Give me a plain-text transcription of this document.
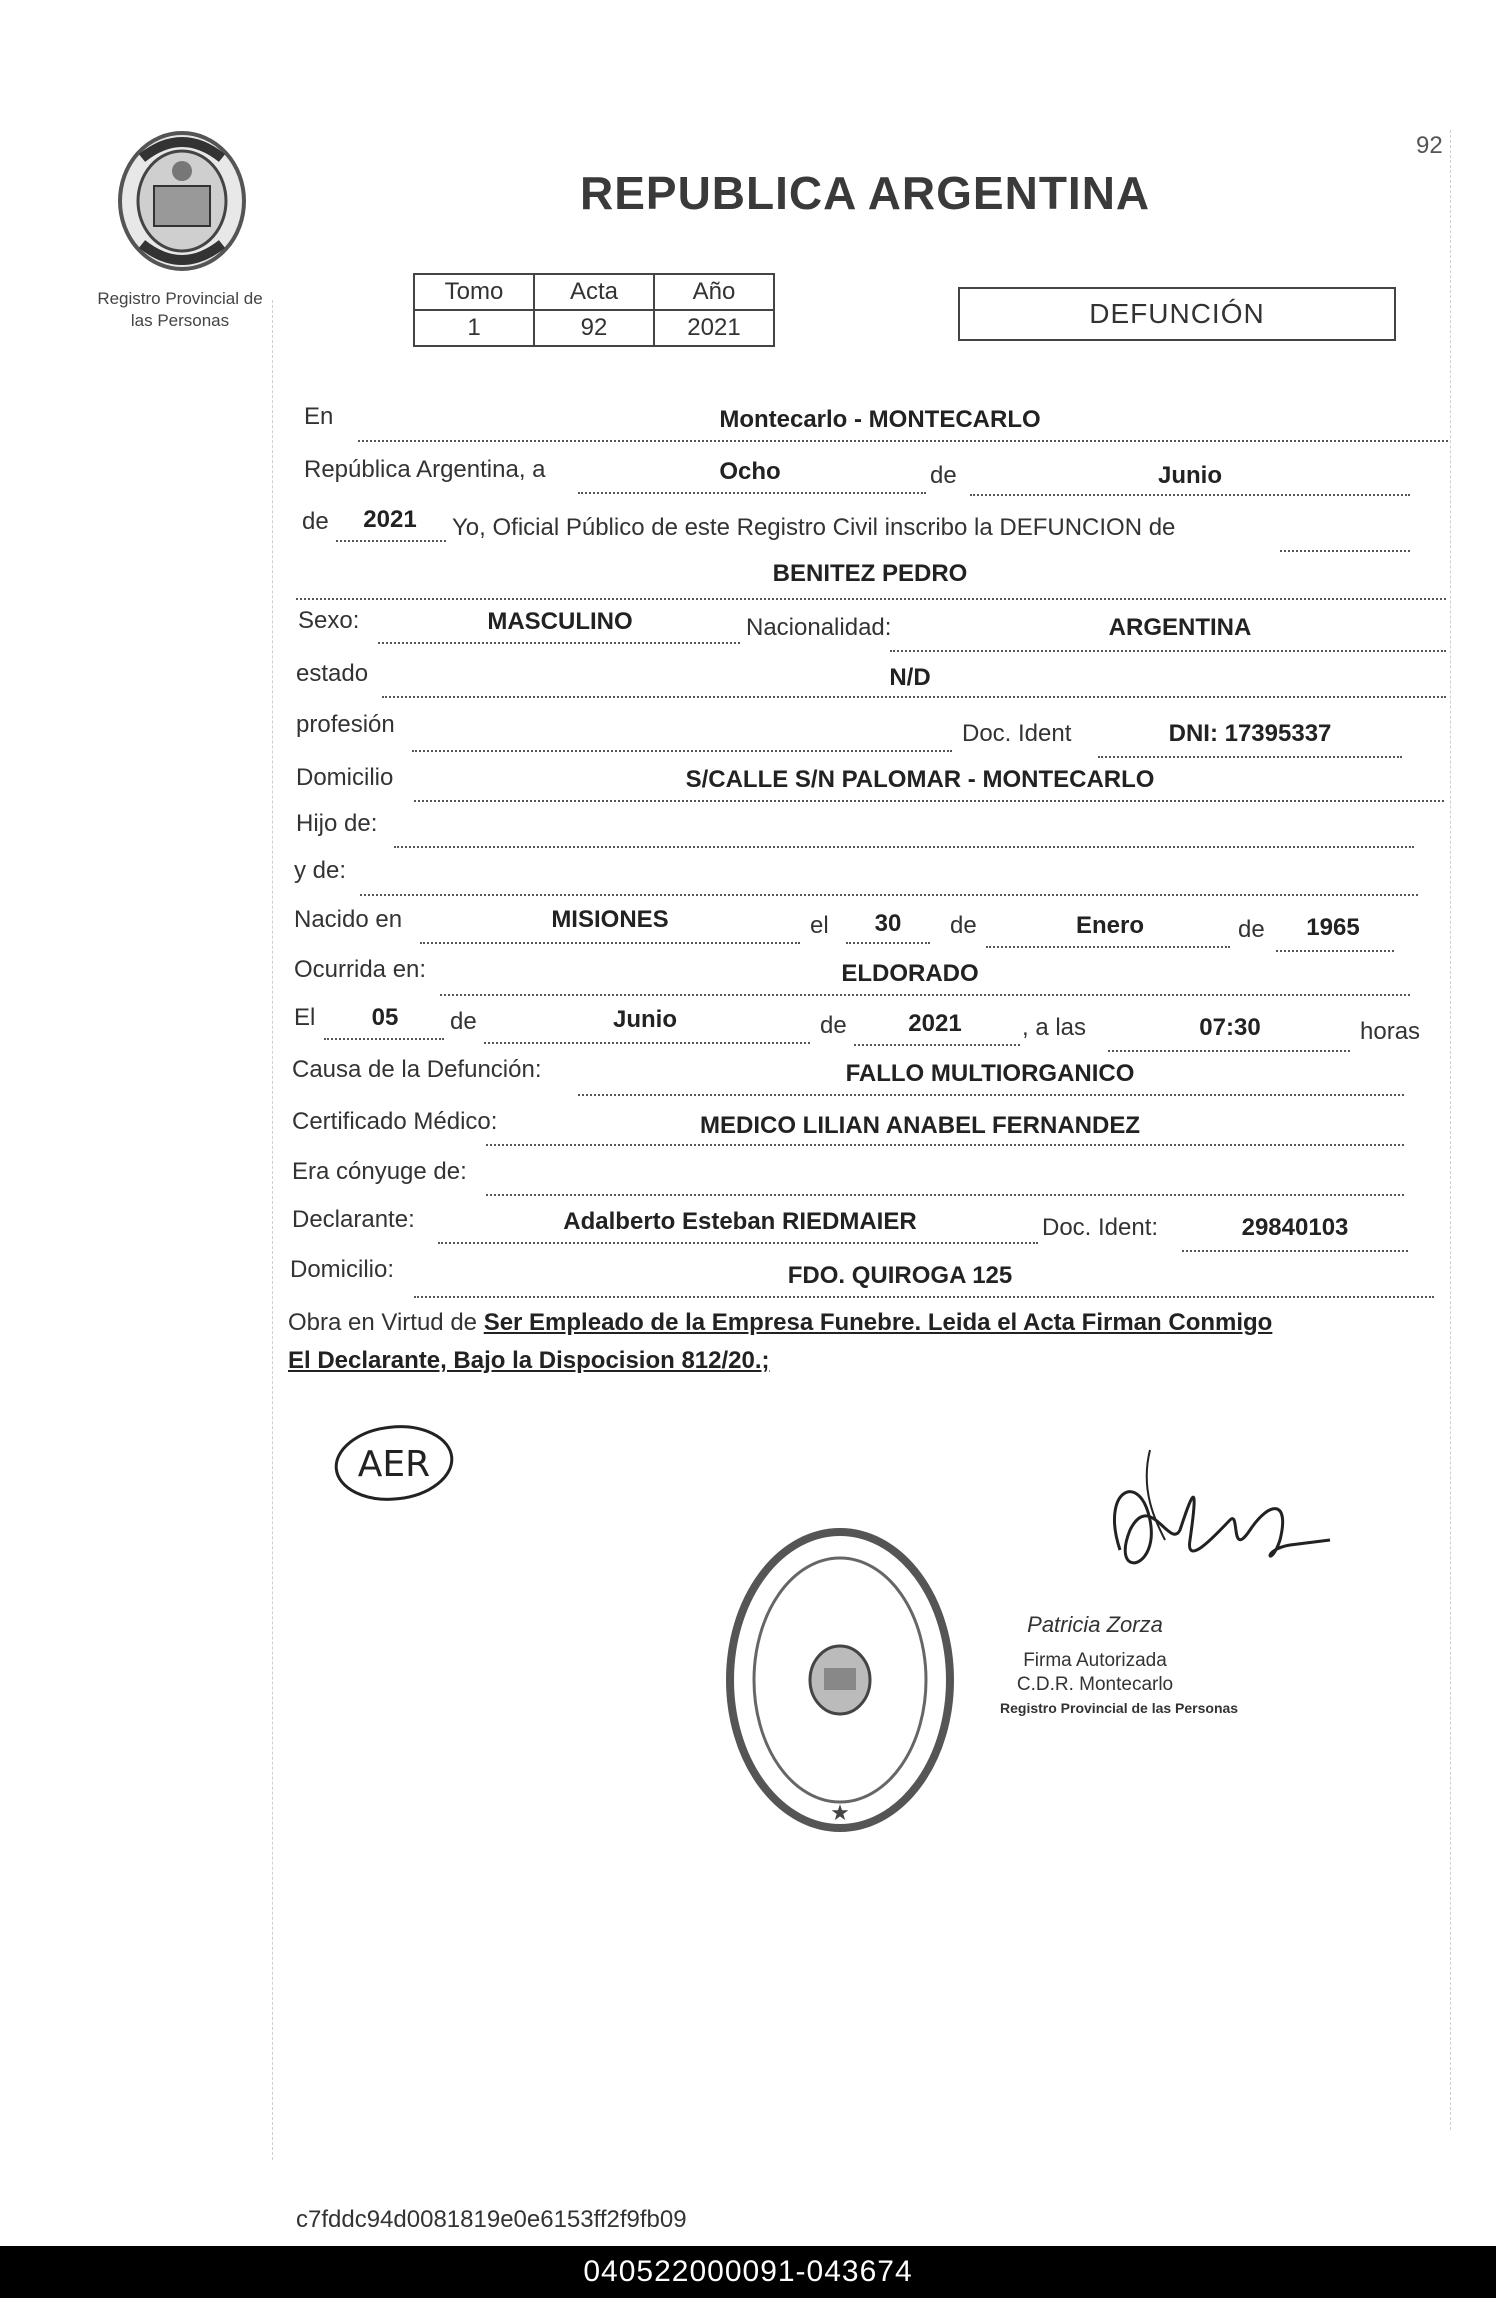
92
Registro Provincial de
las Personas
REPUBLICA ARGENTINA
Tomo	Acta	Año
1	92	2021	DEFUNCIÓN
En	Montecarlo - MONTECARLO
República Argentina, a	Ocho	de	Junio
de	2021	Yo, Oficial Público de este Registro Civil inscribo la DEFUNCION de
BENITEZ PEDRO
Sexo:	MASCULINO	Nacionalidad:	ARGENTINA
estado	N/D
profesión	Doc. Ident	DNI: 17395337
Domicilio	S/CALLE S/N PALOMAR - MONTECARLO
Hijo de:
y de:
Nacido en	MISIONES	el	30	de	Enero	de	1965
Ocurrida en:	ELDORADO
El	05	de	Junio	de	2021	, a las	07:30	horas
Causa de la Defunción:	FALLO MULTIORGANICO
Certificado Médico:	MEDICO LILIAN ANABEL FERNANDEZ
Era cónyuge de:
Declarante:	Adalberto Esteban RIEDMAIER	Doc. Ident:	29840103
Domicilio:	FDO. QUIROGA 125
Obra en Virtud de Ser Empleado de la Empresa Funebre. Leida el Acta Firman Conmigo
El Declarante, Bajo la Dispocision 812/20.;
AER
★
Patricia Zorza
Firma Autorizada
C.D.R. Montecarlo
Registro Provincial de las Personas
c7fddc94d0081819e0e6153ff2f9fb09
040522000091-043674
